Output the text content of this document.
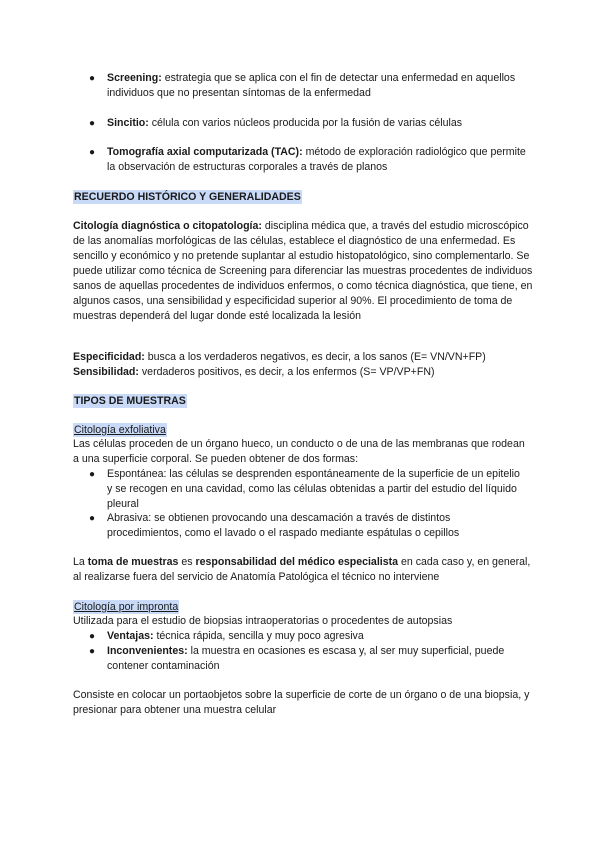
● Screening: estrategia que se aplica con el fin de detectar una enfermedad en aquellos individuos que no presentan síntomas de la enfermedad
● Sincitio: célula con varios núcleos producida por la fusión de varias células
● Tomografía axial computarizada (TAC): método de exploración radiológico que permite la observación de estructuras corporales a través de planos
RECUERDO HISTÓRICO Y GENERALIDADES
Citología diagnóstica o citopatología: disciplina médica que, a través del estudio microscópico de las anomalías morfológicas de las células, establece el diagnóstico de una enfermedad. Es sencillo y económico y no pretende suplantar al estudio histopatológico, sino complementarlo. Se puede utilizar como técnica de Screening para diferenciar las muestras procedentes de individuos sanos de aquellas procedentes de individuos enfermos, o como técnica diagnóstica, que tiene, en algunos casos, una sensibilidad y especificidad superior al 90%. El procedimiento de toma de muestras dependerá del lugar donde esté localizada la lesión
Especificidad: busca a los verdaderos negativos, es decir, a los sanos (E= VN/VN+FP)
Sensibilidad: verdaderos positivos, es decir, a los enfermos (S= VP/VP+FN)
TIPOS DE MUESTRAS
Citología exfoliativa
Las células proceden de un órgano hueco, un conducto o de una de las membranas que rodean a una superficie corporal. Se pueden obtener de dos formas:
● Espontánea: las células se desprenden espontáneamente de la superficie de un epitelio y se recogen en una cavidad, como las células obtenidas a partir del estudio del líquido pleural
● Abrasiva: se obtienen provocando una descamación a través de distintos procedimientos, como el lavado o el raspado mediante espátulas o cepillos
La toma de muestras es responsabilidad del médico especialista en cada caso y, en general, al realizarse fuera del servicio de Anatomía Patológica el técnico no interviene
Citología por impronta
Utilizada para el estudio de biopsias intraoperatorias o procedentes de autopsias
● Ventajas: técnica rápida, sencilla y muy poco agresiva
● Inconvenientes: la muestra en ocasiones es escasa y, al ser muy superficial, puede contener contaminación
Consiste en colocar un portaobjetos sobre la superficie de corte de un órgano o de una biopsia, y presionar para obtener una muestra celular
